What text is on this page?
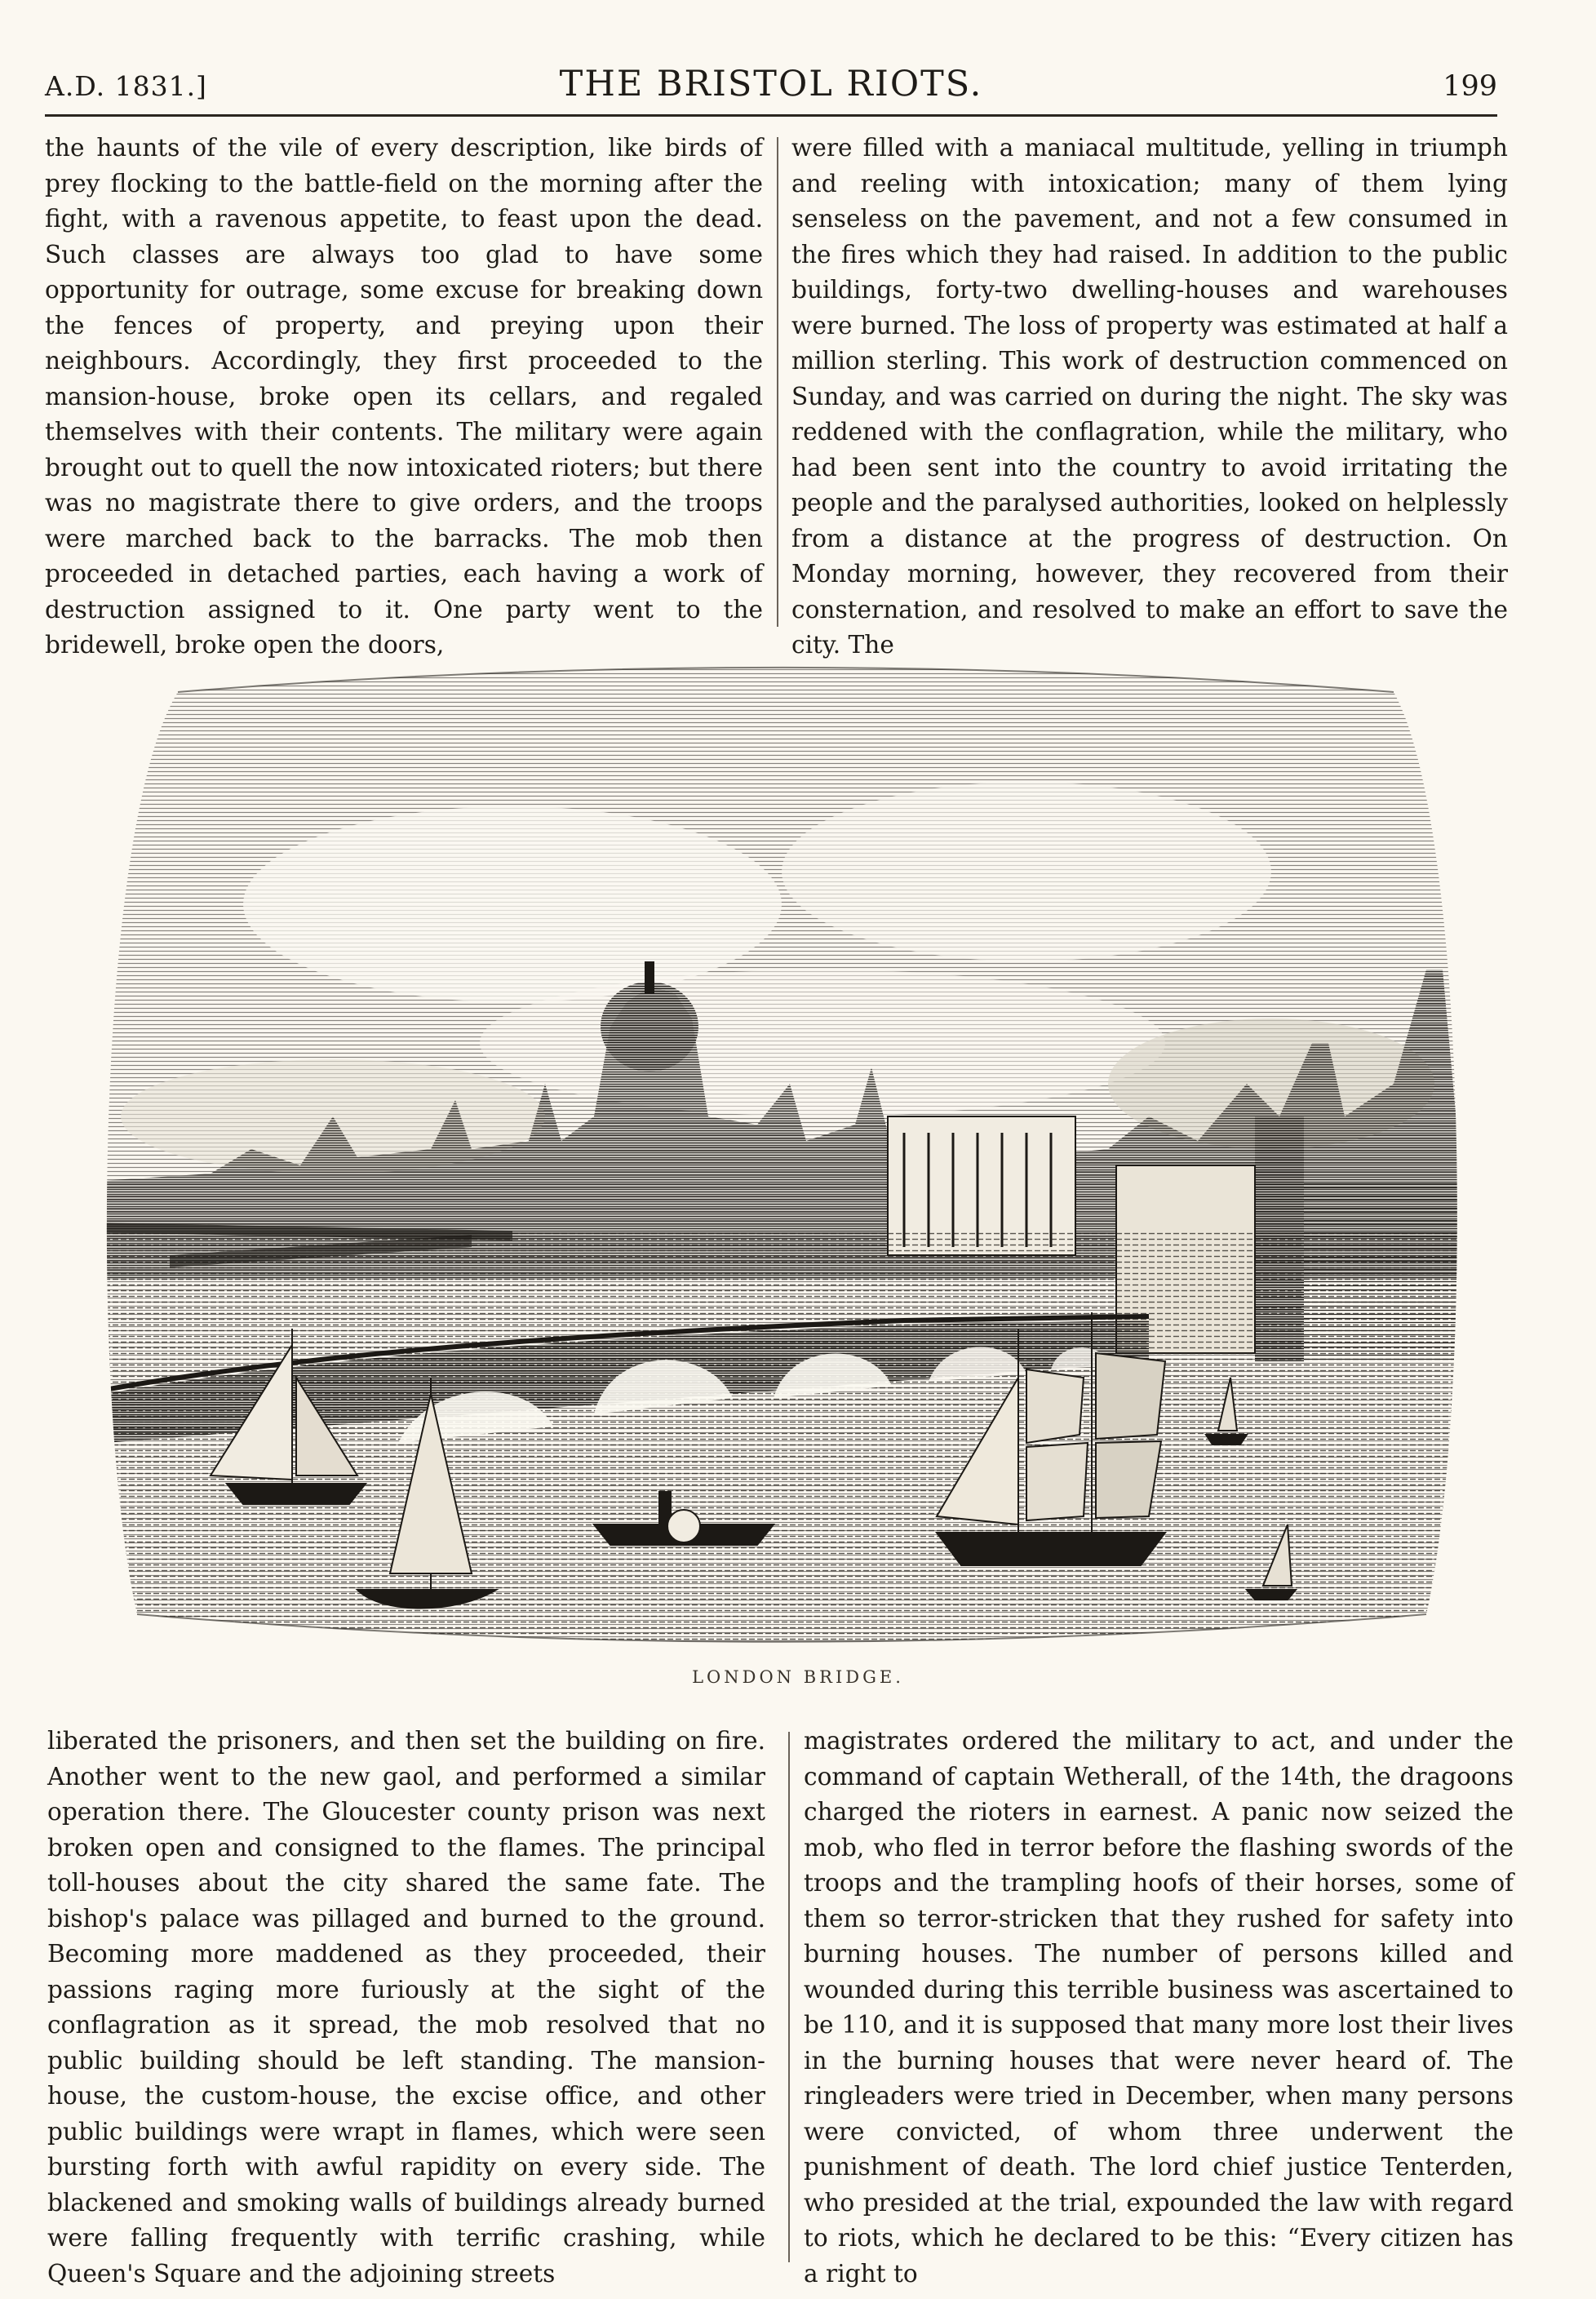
A.D. 1831.]	THE BRISTOL RIOTS.	199

the haunts of the vile of every description, like birds of prey flocking to the battle-field on the morning after the fight, with a ravenous appetite, to feast upon the dead. Such classes are always too glad to have some opportunity for outrage, some excuse for breaking down the fences of property, and preying upon their neighbours. Accordingly, they first proceeded to the mansion-house, broke open its cellars, and regaled themselves with their contents. The military were again brought out to quell the now intoxicated rioters; but there was no magistrate there to give orders, and the troops were marched back to the barracks. The mob then proceeded in detached parties, each having a work of destruction assigned to it. One party went to the bridewell, broke open the doors,

were filled with a maniacal multitude, yelling in triumph and reeling with intoxication; many of them lying senseless on the pavement, and not a few consumed in the fires which they had raised. In addition to the public buildings, forty-two dwelling-houses and warehouses were burned. The loss of property was estimated at half a million sterling. This work of destruction commenced on Sunday, and was carried on during the night. The sky was reddened with the conflagration, while the military, who had been sent into the country to avoid irritating the people and the paralysed authorities, looked on helplessly from a distance at the progress of destruction. On Monday morning, however, they recovered from their consternation, and resolved to make an effort to save the city. The

LONDON BRIDGE.

liberated the prisoners, and then set the building on fire. Another went to the new gaol, and performed a similar operation there. The Gloucester county prison was next broken open and consigned to the flames. The principal toll-houses about the city shared the same fate. The bishop's palace was pillaged and burned to the ground. Becoming more maddened as they proceeded, their passions raging more furiously at the sight of the conflagration as it spread, the mob resolved that no public building should be left standing. The mansion-house, the custom-house, the excise office, and other public buildings were wrapt in flames, which were seen bursting forth with awful rapidity on every side. The blackened and smoking walls of buildings already burned were falling frequently with terrific crashing, while Queen's Square and the adjoining streets

magistrates ordered the military to act, and under the command of captain Wetherall, of the 14th, the dragoons charged the rioters in earnest. A panic now seized the mob, who fled in terror before the flashing swords of the troops and the trampling hoofs of their horses, some of them so terror-stricken that they rushed for safety into burning houses. The number of persons killed and wounded during this terrible business was ascertained to be 110, and it is supposed that many more lost their lives in the burning houses that were never heard of. The ringleaders were tried in December, when many persons were convicted, of whom three underwent the punishment of death. The lord chief justice Tenterden, who presided at the trial, expounded the law with regard to riots, which he declared to be this: “Every citizen has a right to
